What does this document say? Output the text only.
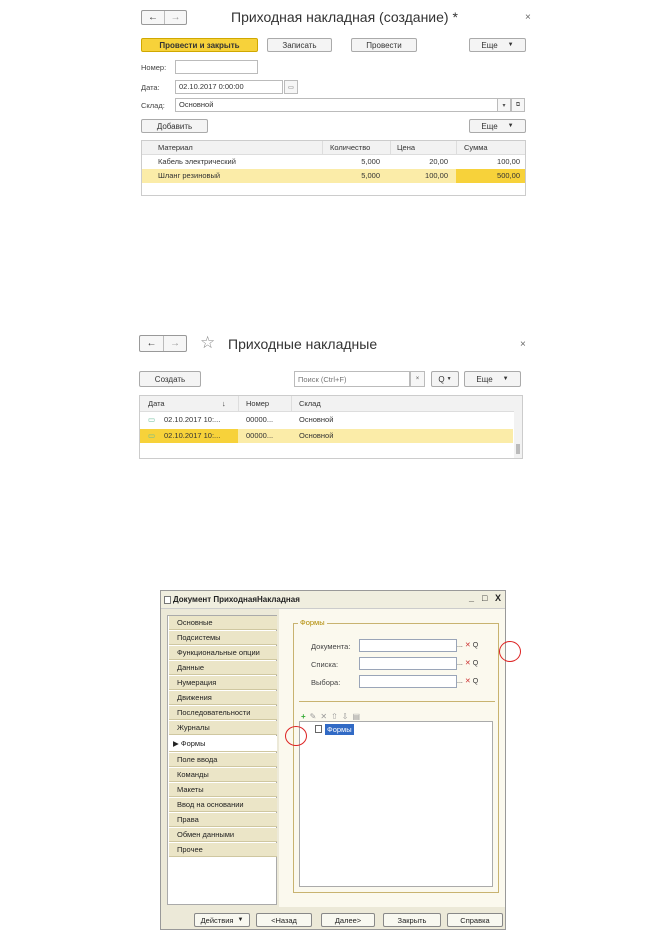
←	→	Приходная накладная (создание) *	×
Провести и закрыть	Записать	Провести	Еще ▼
Номер:
Дата:	02.10.2017 0:00:00	▭
Склад:	Основной	▾	⧉
Добавить	Еще ▼
Материал	Количество	Цена	Сумма
Кабель электрический	5,000	20,00	100,00
Шланг резиновый	5,000	100,00	500,00
←	→	☆ Приходные накладные	×
Создать
Поиск (Ctrl+F)	×	Q ▼	Еще ▼
Дата	↓	Номер	Склад
▭ 02.10.2017 10:...	00000...	Основной
▭ 02.10.2017 10:...	00000...	Основной
Документ ПриходнаяНакладная	_ □ X
Основные
Подсистемы
Функциональные опции
Данные
Нумерация
Движения
Последовательности
Журналы
▶ Формы
Поле ввода
Команды
Макеты
Ввод на основании
Права
Обмен данными
Прочее
Формы
Документа:	... ✕ Q
Списка:	... ✕ Q
Выбора:	... ✕ Q
+ ✎ ✕ ⇧ ⇩ ▤
Формы
Действия ▼	<Назад	Далее>	Закрыть	Справка
